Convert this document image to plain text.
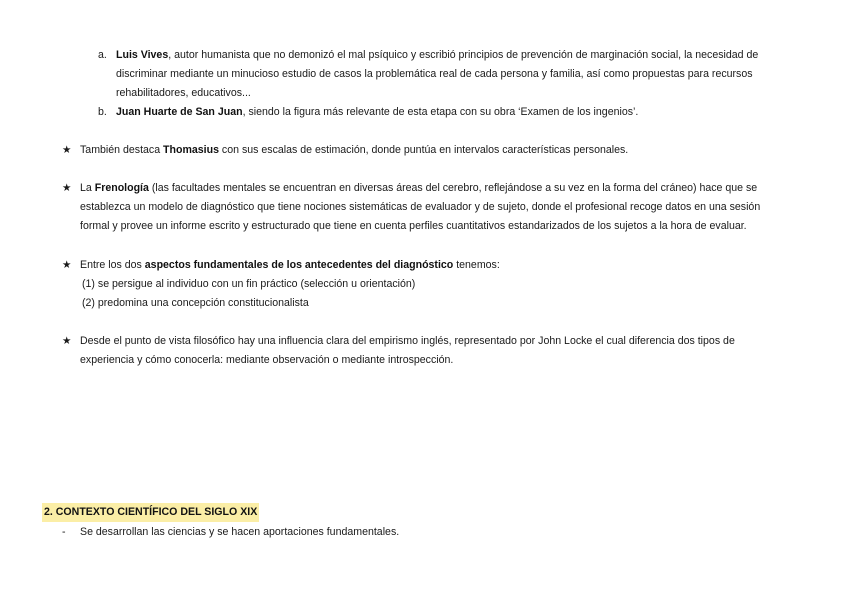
a. Luis Vives, autor humanista que no demonizó el mal psíquico y escribió principios de prevención de marginación social, la necesidad de
discriminar mediante un minucioso estudio de casos la problemática real de cada persona y familia, así como propuestas para recursos
rehabilitadores, educativos...
b. Juan Huarte de San Juan, siendo la figura más relevante de esta etapa con su obra ‘Examen de los ingenios’.
★ También destaca Thomasius con sus escalas de estimación, donde puntúa en intervalos características personales.
★ La Frenología (las facultades mentales se encuentran en diversas áreas del cerebro, reflejándose a su vez en la forma del cráneo) hace que se
establezca un modelo de diagnóstico que tiene nociones sistemáticas de evaluador y de sujeto, donde el profesional recoge datos en una sesión
formal y provee un informe escrito y estructurado que tiene en cuenta perfiles cuantitativos estandarizados de los sujetos a la hora de evaluar.
★ Entre los dos aspectos fundamentales de los antecedentes del diagnóstico tenemos:
(1) se persigue al individuo con un fin práctico (selección u orientación)
(2) predomina una concepción constitucionalista
★ Desde el punto de vista filosófico hay una influencia clara del empirismo inglés, representado por John Locke el cual diferencia dos tipos de
experiencia y cómo conocerla: mediante observación o mediante introspección.
2. CONTEXTO CIENTÍFICO DEL SIGLO XIX
- Se desarrollan las ciencias y se hacen aportaciones fundamentales.
